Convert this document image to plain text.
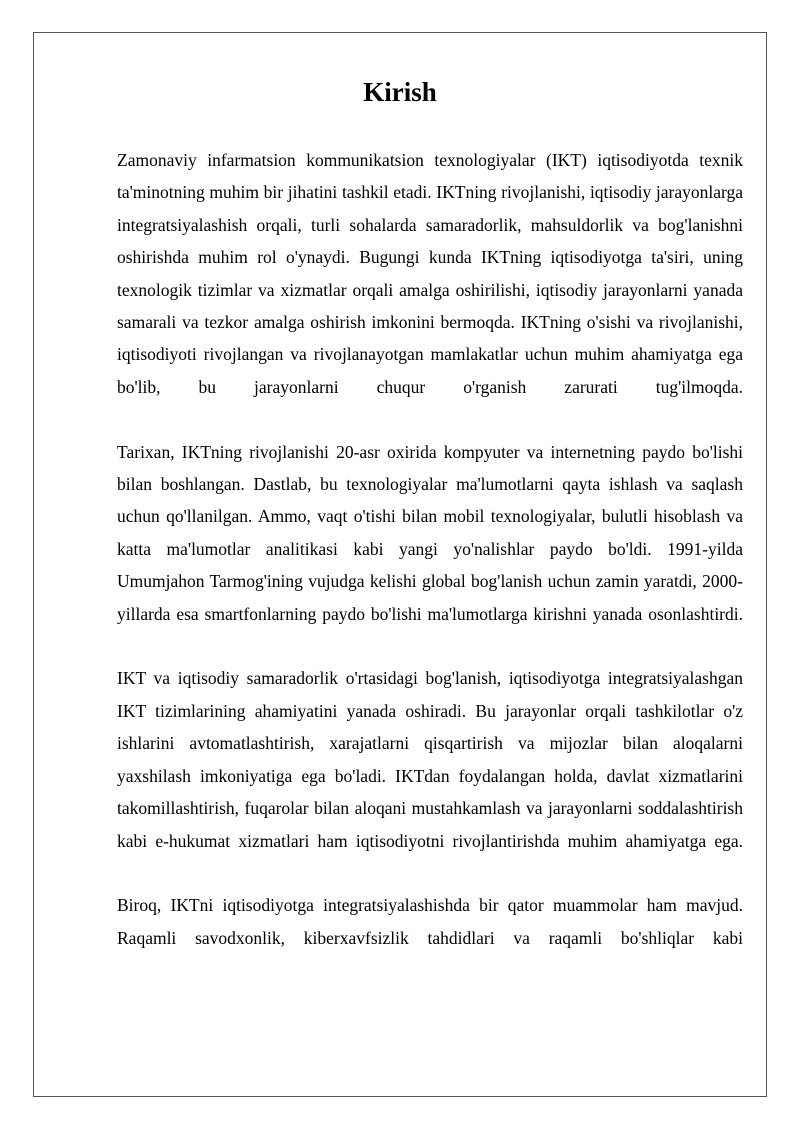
Kirish

Zamonaviy infarmatsion kommunikatsion texnologiyalar (IKT) iqtisodiyotda texnik ta'minotning muhim bir jihatini tashkil etadi. IKTning rivojlanishi, iqtisodiy jarayonlarga integratsiyalashish orqali, turli sohalarda samaradorlik, mahsuldorlik va bog'lanishni oshirishda muhim rol o'ynaydi. Bugungi kunda IKTning iqtisodiyotga ta'siri, uning texnologik tizimlar va xizmatlar orqali amalga oshirilishi, iqtisodiy jarayonlarni yanada samarali va tezkor amalga oshirish imkonini bermoqda. IKTning o'sishi va rivojlanishi, iqtisodiyoti rivojlangan va rivojlanayotgan mamlakatlar uchun muhim ahamiyatga ega bo'lib, bu jarayonlarni chuqur o'rganish zarurati tug'ilmoqda.

Tarixan, IKTning rivojlanishi 20-asr oxirida kompyuter va internetning paydo bo'lishi bilan boshlangan. Dastlab, bu texnologiyalar ma'lumotlarni qayta ishlash va saqlash uchun qo'llanilgan. Ammo, vaqt o'tishi bilan mobil texnologiyalar, bulutli hisoblash va katta ma'lumotlar analitikasi kabi yangi yo'nalishlar paydo bo'ldi. 1991-yilda Umumjahon Tarmog'ining vujudga kelishi global bog'lanish uchun zamin yaratdi, 2000-yillarda esa smartfonlarning paydo bo'lishi ma'lumotlarga kirishni yanada osonlashtirdi.

IKT va iqtisodiy samaradorlik o'rtasidagi bog'lanish, iqtisodiyotga integratsiyalashgan IKT tizimlarining ahamiyatini yanada oshiradi. Bu jarayonlar orqali tashkilotlar o'z ishlarini avtomatlashtirish, xarajatlarni qisqartirish va mijozlar bilan aloqalarni yaxshilash imkoniyatiga ega bo'ladi. IKTdan foydalangan holda, davlat xizmatlarini takomillashtirish, fuqarolar bilan aloqani mustahkamlash va jarayonlarni soddalashtirish kabi e-hukumat xizmatlari ham iqtisodiyotni rivojlantirishda muhim ahamiyatga ega.

Biroq, IKTni iqtisodiyotga integratsiyalashishda bir qator muammolar ham mavjud. Raqamli savodxonlik, kiberxavfsizlik tahdidlari va raqamli bo'shliqlar kabi
